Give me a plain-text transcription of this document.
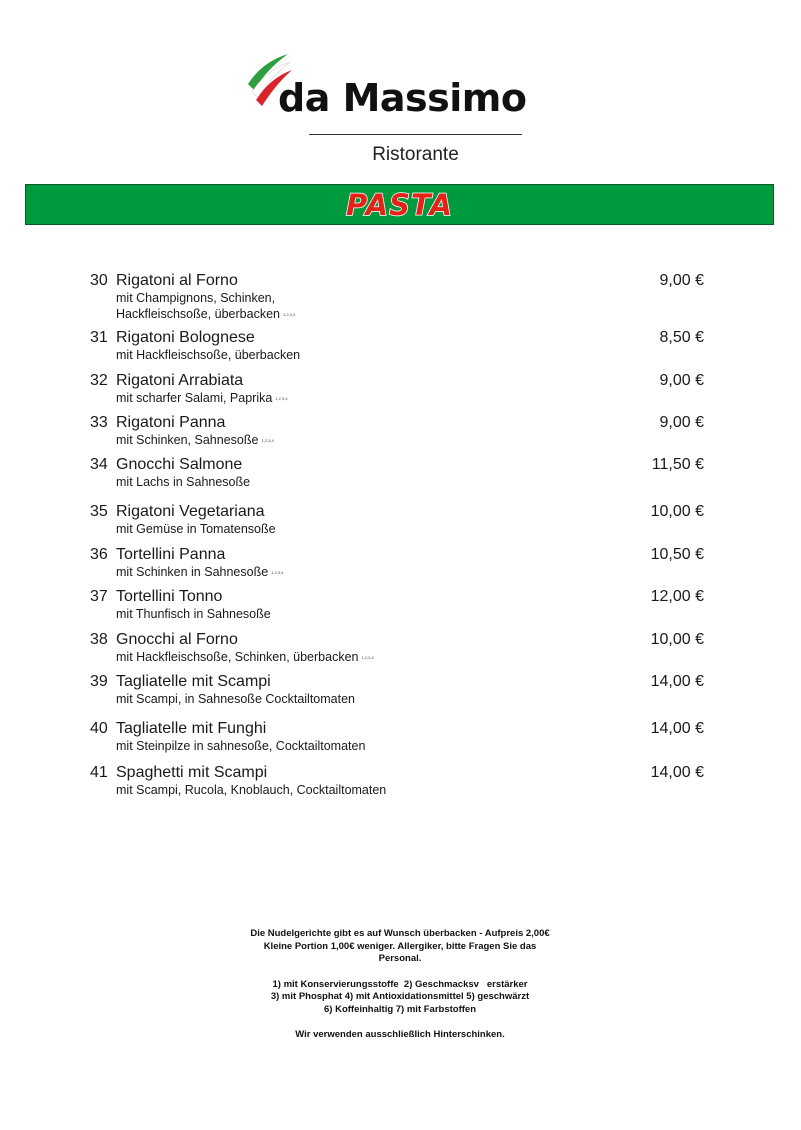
da Massimo
Ristorante
PASTA
30 Rigatoni al Forno	9,00 €
mit Champignons, Schinken,
Hackfleischsoße, überbacken 1,2,3,4
31 Rigatoni Bolognese	8,50 €
mit Hackfleischsoße, überbacken
32 Rigatoni Arrabiata	9,00 €
mit scharfer Salami, Paprika 1,2,3,4
33 Rigatoni Panna	9,00 €
mit Schinken, Sahnesoße 1,2,3,4
34 Gnocchi Salmone	11,50 €
mit Lachs in Sahnesoße
35 Rigatoni Vegetariana	10,00 €
mit Gemüse in Tomatensoße
36 Tortellini Panna	10,50 €
mit Schinken in Sahnesoße 1,2,3,4
37 Tortellini Tonno	12,00 €
mit Thunfisch in Sahnesoße
38 Gnocchi al Forno	10,00 €
mit Hackfleischsoße, Schinken, überbacken 1,2,3,4
39 Tagliatelle mit Scampi	14,00 €
mit Scampi, in Sahnesoße Cocktailtomaten
40 Tagliatelle mit Funghi	14,00 €
mit Steinpilze in sahnesoße, Cocktailtomaten
41 Spaghetti mit Scampi	14,00 €
mit Scampi, Rucola, Knoblauch, Cocktailtomaten

Die Nudelgerichte gibt es auf Wunsch überbacken - Aufpreis 2,00€
Kleine Portion 1,00€ weniger. Allergiker, bitte Fragen Sie das
Personal.

1) mit Konservierungsstoffe  2) Geschmacksv   erstärker
3) mit Phosphat 4) mit Antioxidationsmittel 5) geschwärzt
6) Koffeinhaltig 7) mit Farbstoffen

Wir verwenden ausschließlich Hinterschinken.
